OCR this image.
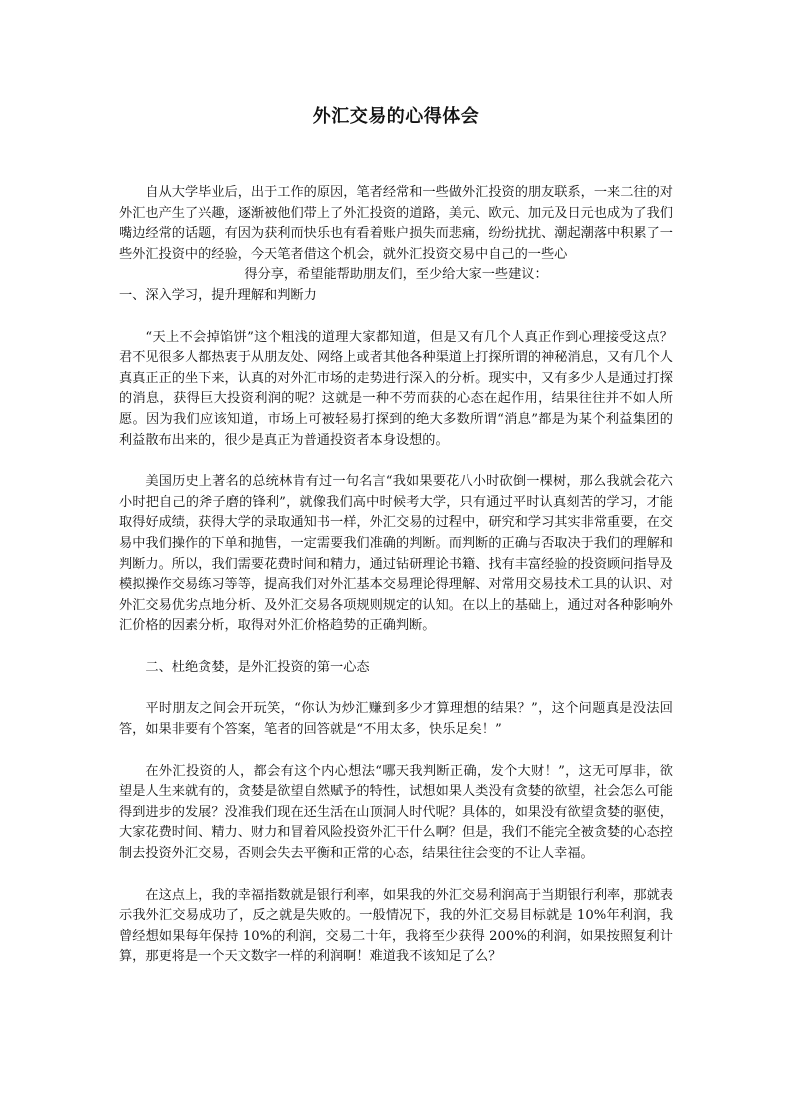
外汇交易的心得体会

自从大学毕业后，出于工作的原因，笔者经常和一些做外汇投资的朋友联系，一来二往的对外汇也产生了兴趣，逐渐被他们带上了外汇投资的道路，美元、欧元、加元及日元也成为了我们嘴边经常的话题，有因为获利而快乐也有看着账户损失而悲痛，纷纷扰扰、潮起潮落中积累了一些外汇投资中的经验，今天笔者借这个机会，就外汇投资交易中自己的一些心

得分享，希望能帮助朋友们，至少给大家一些建议：

一、深入学习，提升理解和判断力

“天上不会掉馅饼”这个粗浅的道理大家都知道，但是又有几个人真正作到心理接受这点？君不见很多人都热衷于从朋友处、网络上或者其他各种渠道上打探所谓的神秘消息，又有几个人真真正正的坐下来，认真的对外汇市场的走势进行深入的分析。现实中，又有多少人是通过打探的消息，获得巨大投资利润的呢？这就是一种不劳而获的心态在起作用，结果往往并不如人所愿。因为我们应该知道，市场上可被轻易打探到的绝大多数所谓“消息”都是为某个利益集团的利益散布出来的，很少是真正为普通投资者本身设想的。

美国历史上著名的总统林肯有过一句名言“我如果要花八小时砍倒一棵树，那么我就会花六小时把自己的斧子磨的锋利”，就像我们高中时候考大学，只有通过平时认真刻苦的学习，才能取得好成绩，获得大学的录取通知书一样，外汇交易的过程中，研究和学习其实非常重要，在交易中我们操作的下单和抛售，一定需要我们准确的判断。而判断的正确与否取决于我们的理解和判断力。所以，我们需要花费时间和精力，通过钻研理论书籍、找有丰富经验的投资顾问指导及模拟操作交易练习等等，提高我们对外汇基本交易理论得理解、对常用交易技术工具的认识、对外汇交易优劣点地分析、及外汇交易各项规则规定的认知。在以上的基础上，通过对各种影响外汇价格的因素分析，取得对外汇价格趋势的正确判断。

二、杜绝贪婪，是外汇投资的第一心态

平时朋友之间会开玩笑，“你认为炒汇赚到多少才算理想的结果？”，这个问题真是没法回答，如果非要有个答案，笔者的回答就是“不用太多，快乐足矣！”

在外汇投资的人，都会有这个内心想法“哪天我判断正确，发个大财！”，这无可厚非，欲望是人生来就有的，贪婪是欲望自然赋予的特性，试想如果人类没有贪婪的欲望，社会怎么可能得到进步的发展？没准我们现在还生活在山顶洞人时代呢？具体的，如果没有欲望贪婪的驱使，大家花费时间、精力、财力和冒着风险投资外汇干什么啊？但是，我们不能完全被贪婪的心态控制去投资外汇交易，否则会失去平衡和正常的心态，结果往往会变的不让人幸福。

在这点上，我的幸福指数就是银行利率，如果我的外汇交易利润高于当期银行利率，那就表示我外汇交易成功了，反之就是失败的。一般情况下，我的外汇交易目标就是 10%年利润，我曾经想如果每年保持 10%的利润，交易二十年，我将至少获得 200%的利润，如果按照复利计算，那更将是一个天文数字一样的利润啊！难道我不该知足了么？
